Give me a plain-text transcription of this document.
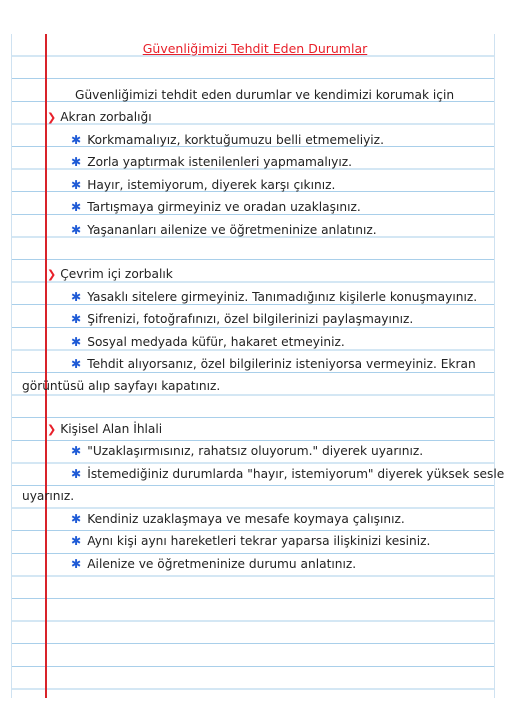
Güvenliğimizi Tehdit Eden Durumlar
Güvenliğimizi tehdit eden durumlar ve kendimizi korumak için
❯ Akran zorbalığı
✱ Korkmamalıyız, korktuğumuzu belli etmemeliyiz.
✱ Zorla yaptırmak istenilenleri yapmamalıyız.
✱ Hayır, istemiyorum, diyerek karşı çıkınız.
✱ Tartışmaya girmeyiniz ve oradan uzaklaşınız.
✱ Yaşananları ailenize ve öğretmeninize anlatınız.
❯ Çevrim içi zorbalık
✱ Yasaklı sitelere girmeyiniz. Tanımadığınız kişilerle konuşmayınız.
✱ Şifrenizi, fotoğrafınızı, özel bilgilerinizi paylaşmayınız.
✱ Sosyal medyada küfür, hakaret etmeyiniz.
✱ Tehdit alıyorsanız, özel bilgileriniz isteniyorsa vermeyiniz. Ekran
görüntüsü alıp sayfayı kapatınız.
❯ Kişisel Alan İhlali
✱ "Uzaklaşırmısınız, rahatsız oluyorum." diyerek uyarınız.
✱ İstemediğiniz durumlarda "hayır, istemiyorum" diyerek yüksek sesle
uyarınız.
✱ Kendiniz uzaklaşmaya ve mesafe koymaya çalışınız.
✱ Aynı kişi aynı hareketleri tekrar yaparsa ilişkinizi kesiniz.
✱ Ailenize ve öğretmeninize durumu anlatınız.
